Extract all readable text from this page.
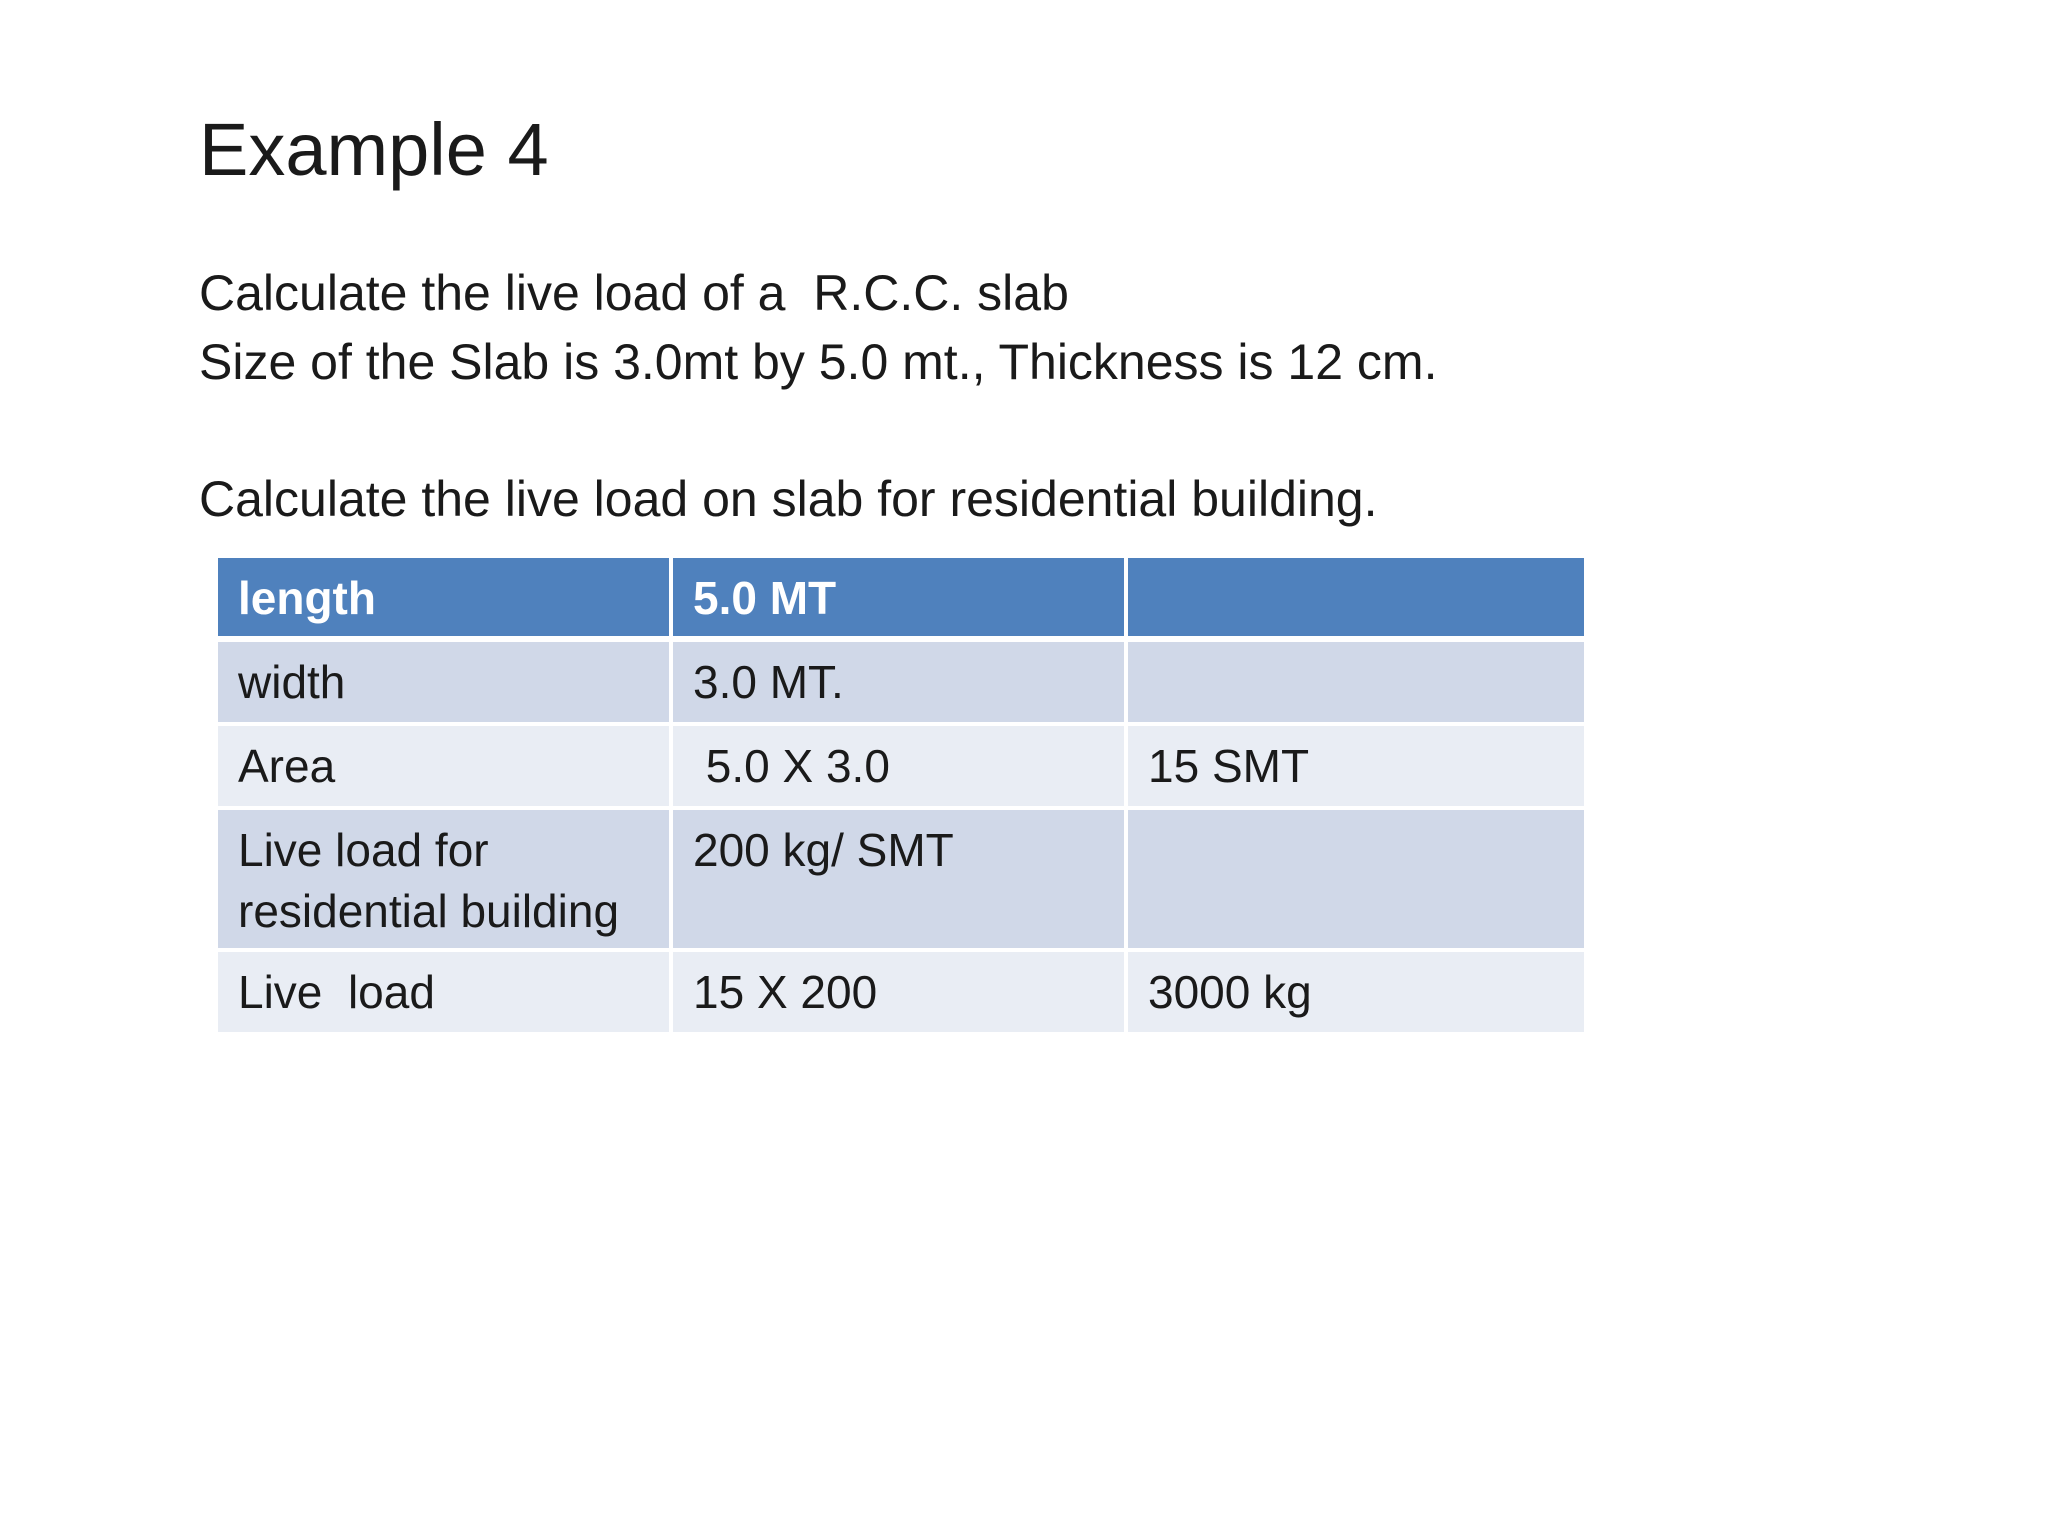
Example 4
Calculate the live load of a  R.C.C. slab
Size of the Slab is 3.0mt by 5.0 mt., Thickness is 12 cm.
Calculate the live load on slab for residential building.
length	5.0 MT	
width	3.0 MT.	
Area	5.0 X 3.0	15 SMT
Live load for
residential building	200 kg/ SMT	
Live  load	15 X 200	3000 kg
